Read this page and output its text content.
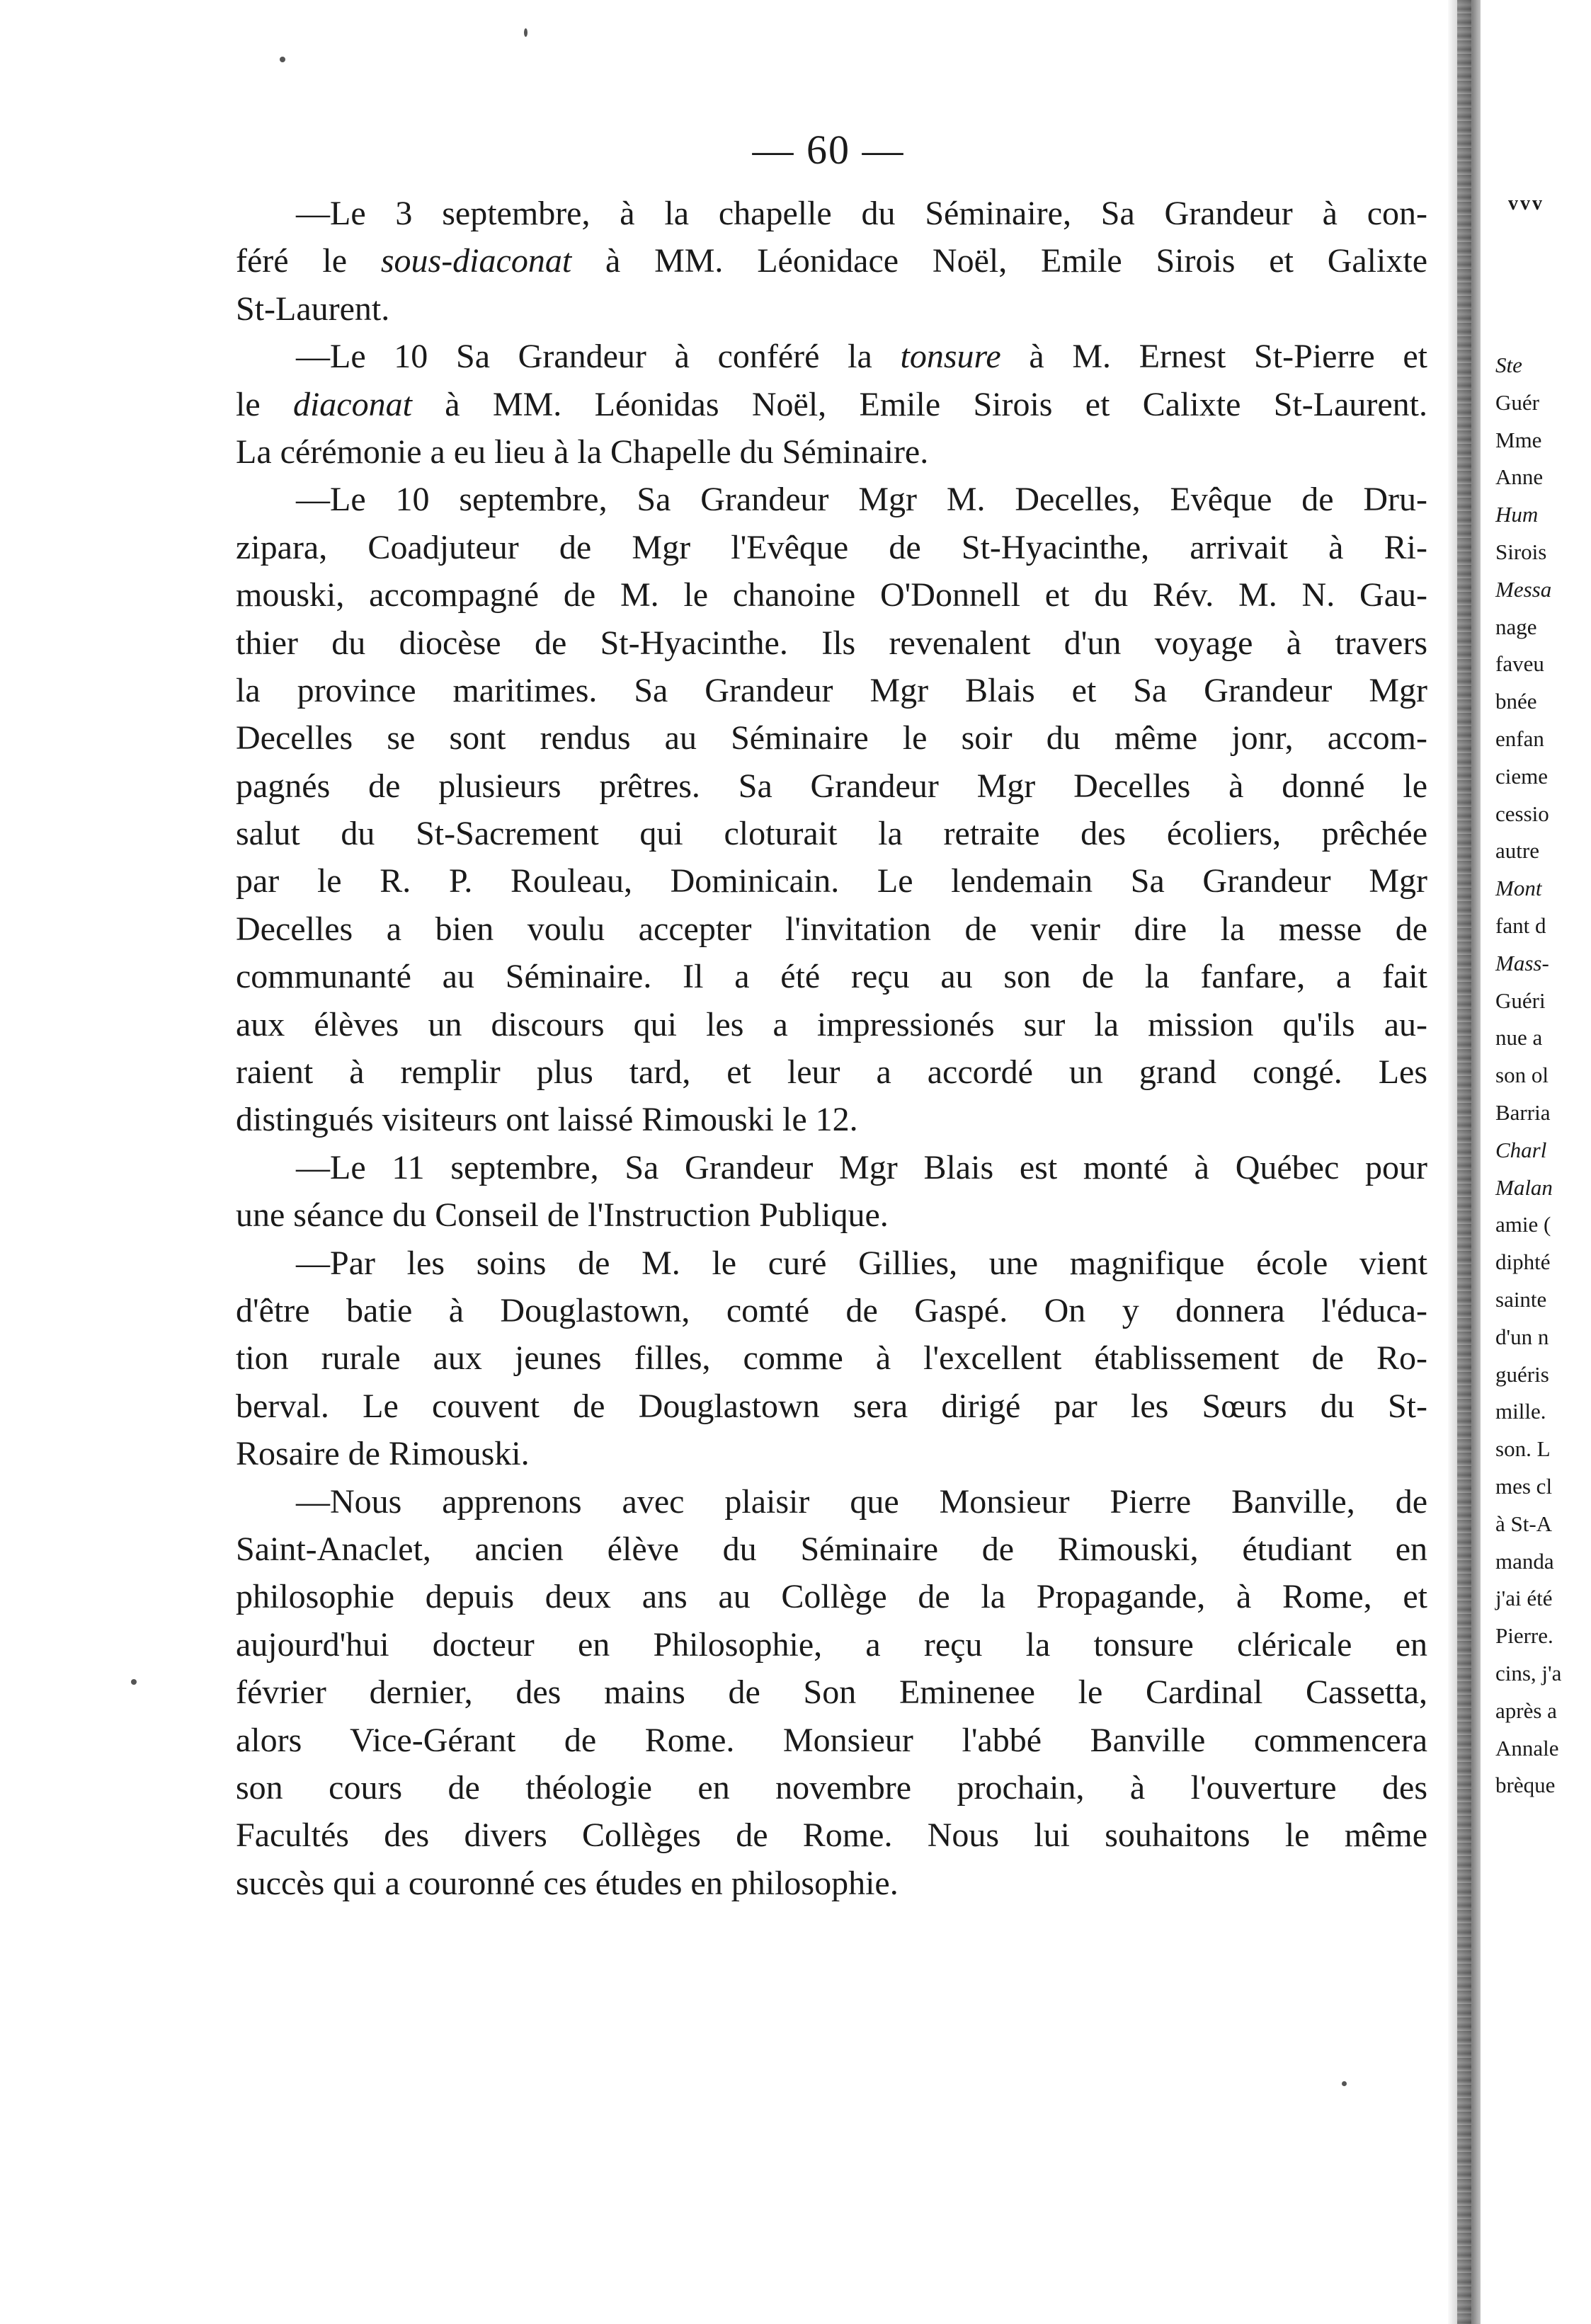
— 60 —
—Le 3 septembre, à la chapelle du Séminaire, Sa Grandeur à con-
féré le sous-diaconat à MM. Léonidace Noël, Emile Sirois et Galixte
St-Laurent.
—Le 10 Sa Grandeur à conféré la tonsure à M. Ernest St-Pierre et
le diaconat à MM. Léonidas Noël, Emile Sirois et Calixte St-Laurent.
La cérémonie a eu lieu à la Chapelle du Séminaire.
—Le 10 septembre, Sa Grandeur Mgr M. Decelles, Evêque de Dru-
zipara, Coadjuteur de Mgr l'Evêque de St-Hyacinthe, arrivait à Ri-
mouski, accompagné de M. le chanoine O'Donnell et du Rév. M. N. Gau-
thier du diocèse de St-Hyacinthe. Ils revenalent d'un voyage à travers
la province maritimes. Sa Grandeur Mgr Blais et Sa Grandeur Mgr
Decelles se sont rendus au Séminaire le soir du même jonr, accom-
pagnés de plusieurs prêtres. Sa Grandeur Mgr Decelles à donné le
salut du St-Sacrement qui cloturait la retraite des écoliers, prêchée
par le R. P. Rouleau, Dominicain. Le lendemain Sa Grandeur Mgr
Decelles a bien voulu accepter l'invitation de venir dire la messe de
communanté au Séminaire. Il a été reçu au son de la fanfare, a fait
aux élèves un discours qui les a impressionés sur la mission qu'ils au-
raient à remplir plus tard, et leur a accordé un grand congé. Les
distingués visiteurs ont laissé Rimouski le 12.
—Le 11 septembre, Sa Grandeur Mgr Blais est monté à Québec pour
une séance du Conseil de l'Instruction Publique.
—Par les soins de M. le curé Gillies, une magnifique école vient
d'être batie à Douglastown, comté de Gaspé. On y donnera l'éduca-
tion rurale aux jeunes filles, comme à l'excellent établissement de Ro-
berval. Le couvent de Douglastown sera dirigé par les Sœurs du St-
Rosaire de Rimouski.
—Nous apprenons avec plaisir que Monsieur Pierre Banville, de
Saint-Anaclet, ancien élève du Séminaire de Rimouski, étudiant en
philosophie depuis deux ans au Collège de la Propagande, à Rome, et
aujourd'hui docteur en Philosophie, a reçu la tonsure cléricale en
février dernier, des mains de Son Eminenee le Cardinal Cassetta,
alors Vice-Gérant de Rome. Monsieur l'abbé Banville commencera
son cours de théologie en novembre prochain, à l'ouverture des
Facultés des divers Collèges de Rome. Nous lui souhaitons le même
succès qui a couronné ces études en philosophie.
vvv
Ste
Guér
Mme
Anne
Hum
Sirois
Messa
nage
faveu
bnée
enfan
cieme
cessio
autre
Mont
fant d
Mass-
Guéri
nue a
son ol
Barria
Charl
Malan
amie (
diphté
sainte
d'un n
guéris
mille.
son. L
mes cl
à St-A
manda
j'ai été
Pierre.
cins, j'a
après a
Annale
brèque
